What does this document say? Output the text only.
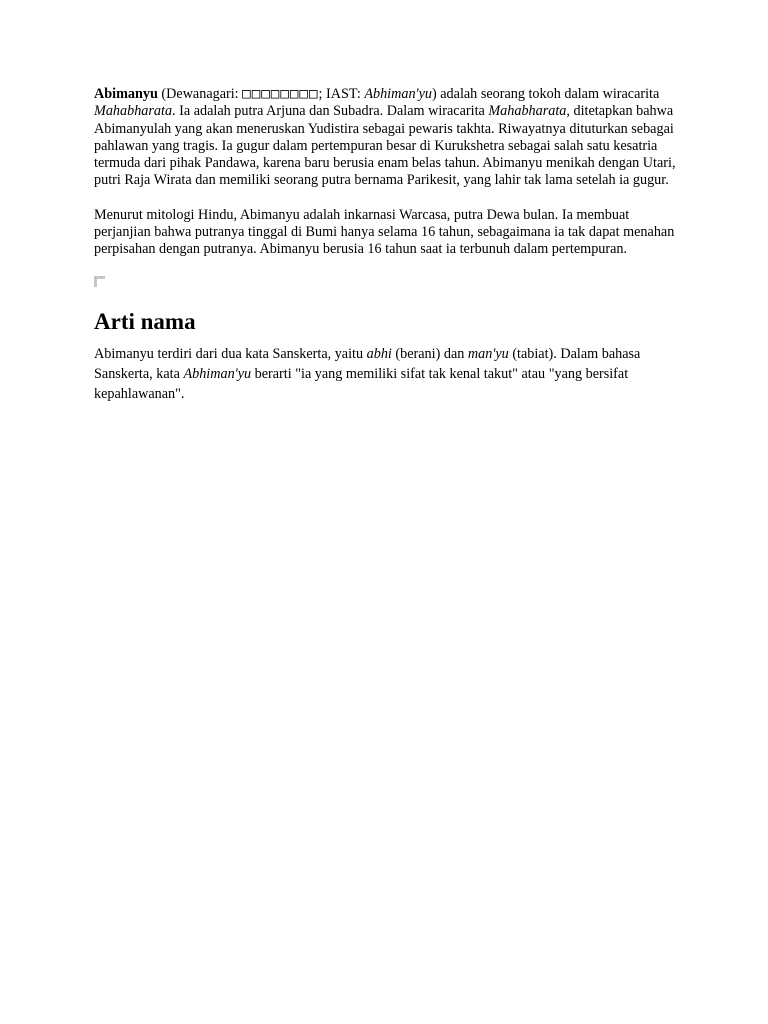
Abimanyu (Dewanagari: □□□□□□□□; IAST: Abhiman'yu) adalah seorang tokoh dalam wiracarita Mahabharata. Ia adalah putra Arjuna dan Subadra. Dalam wiracarita Mahabharata, ditetapkan bahwa Abimanyulah yang akan meneruskan Yudistira sebagai pewaris takhta. Riwayatnya dituturkan sebagai pahlawan yang tragis. Ia gugur dalam pertempuran besar di Kurukshetra sebagai salah satu kesatria termuda dari pihak Pandawa, karena baru berusia enam belas tahun. Abimanyu menikah dengan Utari, putri Raja Wirata dan memiliki seorang putra bernama Parikesit, yang lahir tak lama setelah ia gugur.

Menurut mitologi Hindu, Abimanyu adalah inkarnasi Warcasa, putra Dewa bulan. Ia membuat perjanjian bahwa putranya tinggal di Bumi hanya selama 16 tahun, sebagaimana ia tak dapat menahan perpisahan dengan putranya. Abimanyu berusia 16 tahun saat ia terbunuh dalam pertempuran.

Arti nama

Abimanyu terdiri dari dua kata Sanskerta, yaitu abhi (berani) dan man'yu (tabiat). Dalam bahasa Sanskerta, kata Abhiman'yu berarti "ia yang memiliki sifat tak kenal takut" atau "yang bersifat kepahlawanan".
